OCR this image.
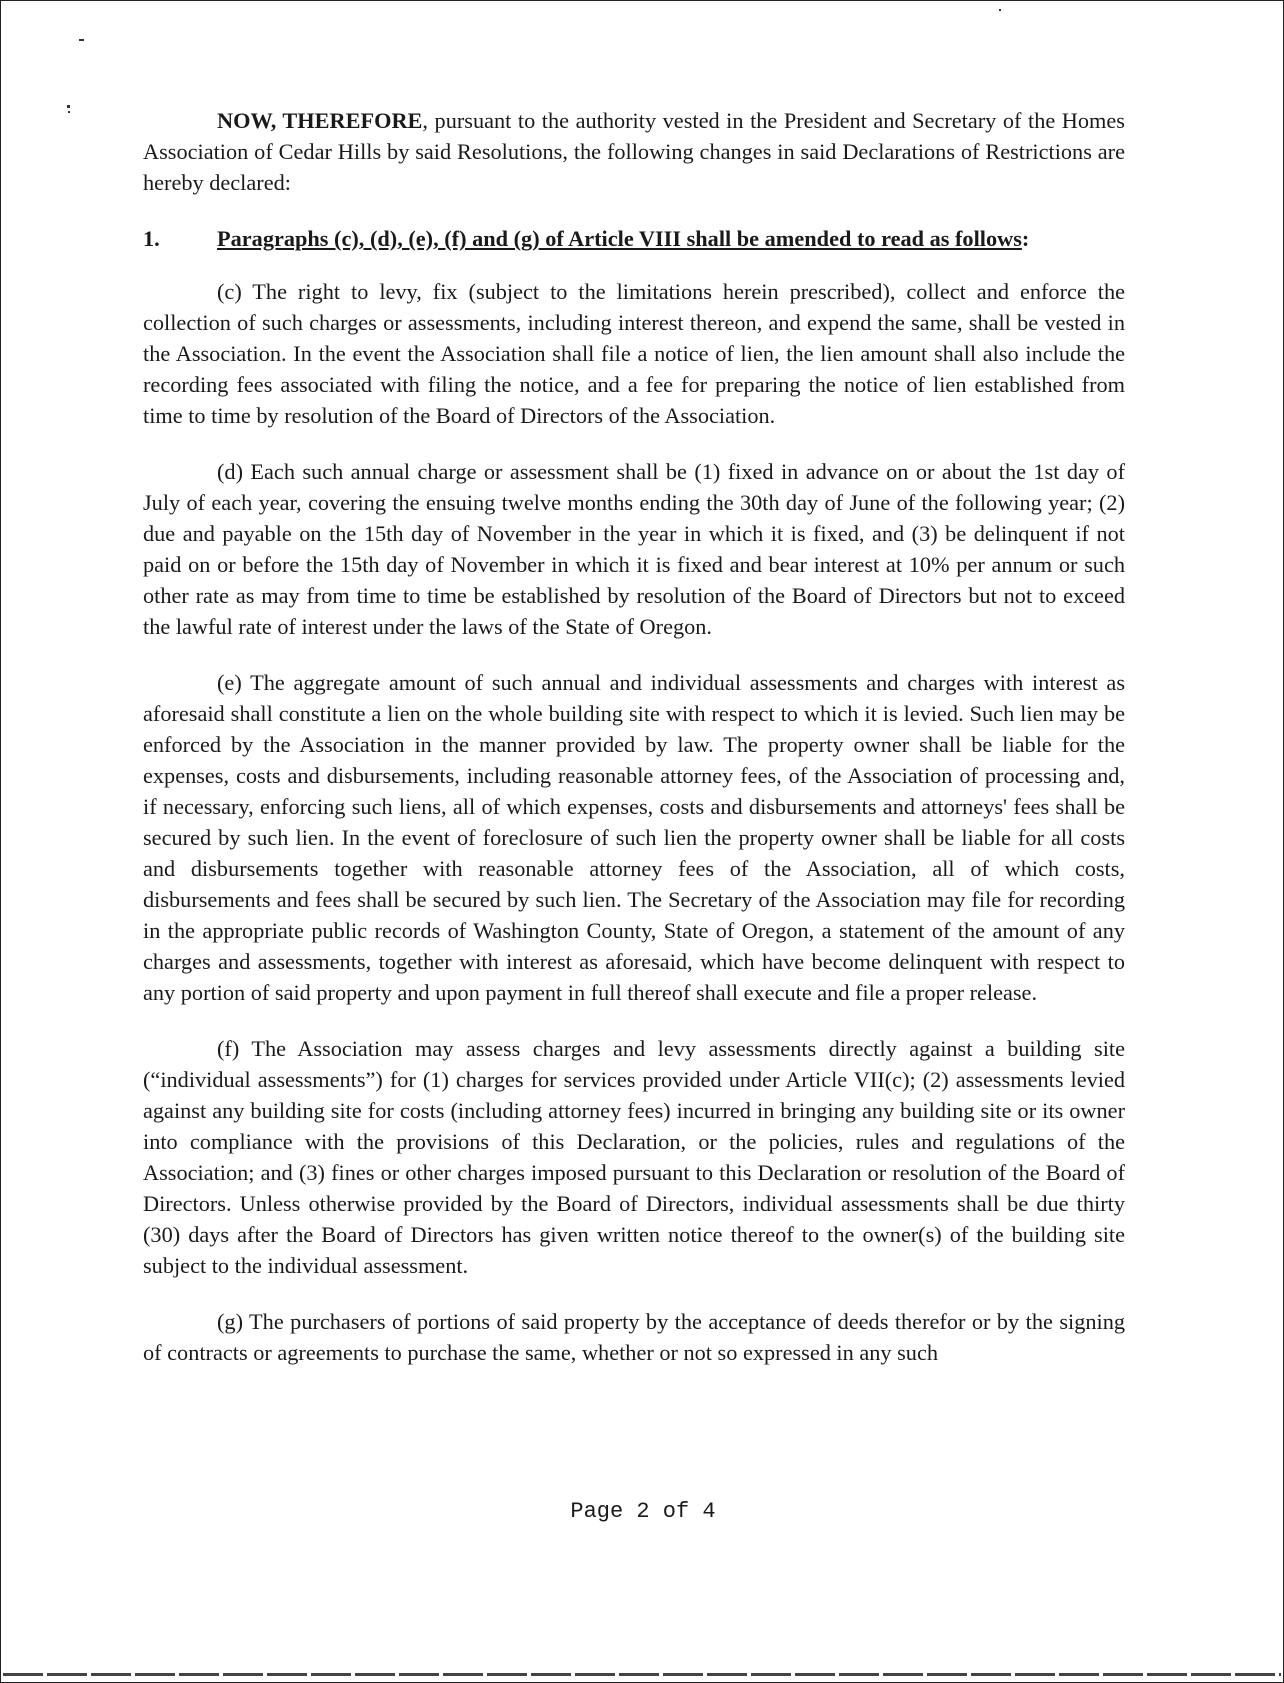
NOW, THEREFORE, pursuant to the authority vested in the President and Secretary of the Homes Association of Cedar Hills by said Resolutions, the following changes in said Declarations of Restrictions are hereby declared:

1.	Paragraphs (c), (d), (e), (f) and (g) of Article VIII shall be amended to read as follows:

(c) The right to levy, fix (subject to the limitations herein prescribed), collect and enforce the collection of such charges or assessments, including interest thereon, and expend the same, shall be vested in the Association. In the event the Association shall file a notice of lien, the lien amount shall also include the recording fees associated with filing the notice, and a fee for preparing the notice of lien established from time to time by resolution of the Board of Directors of the Association.

(d) Each such annual charge or assessment shall be (1) fixed in advance on or about the 1st day of July of each year, covering the ensuing twelve months ending the 30th day of June of the following year; (2) due and payable on the 15th day of November in the year in which it is fixed, and (3) be delinquent if not paid on or before the 15th day of November in which it is fixed and bear interest at 10% per annum or such other rate as may from time to time be established by resolution of the Board of Directors but not to exceed the lawful rate of interest under the laws of the State of Oregon.

(e) The aggregate amount of such annual and individual assessments and charges with interest as aforesaid shall constitute a lien on the whole building site with respect to which it is levied. Such lien may be enforced by the Association in the manner provided by law. The property owner shall be liable for the expenses, costs and disbursements, including reasonable attorney fees, of the Association of processing and, if necessary, enforcing such liens, all of which expenses, costs and disbursements and attorneys' fees shall be secured by such lien. In the event of foreclosure of such lien the property owner shall be liable for all costs and disbursements together with reasonable attorney fees of the Association, all of which costs, disbursements and fees shall be secured by such lien. The Secretary of the Association may file for recording in the appropriate public records of Washington County, State of Oregon, a statement of the amount of any charges and assessments, together with interest as aforesaid, which have become delinquent with respect to any portion of said property and upon payment in full thereof shall execute and file a proper release.

(f) The Association may assess charges and levy assessments directly against a building site (“individual assessments”) for (1) charges for services provided under Article VII(c); (2) assessments levied against any building site for costs (including attorney fees) incurred in bringing any building site or its owner into compliance with the provisions of this Declaration, or the policies, rules and regulations of the Association; and (3) fines or other charges imposed pursuant to this Declaration or resolution of the Board of Directors. Unless otherwise provided by the Board of Directors, individual assessments shall be due thirty (30) days after the Board of Directors has given written notice thereof to the owner(s) of the building site subject to the individual assessment.

(g) The purchasers of portions of said property by the acceptance of deeds therefor or by the signing of contracts or agreements to purchase the same, whether or not so expressed in any such

Page 2 of 4
